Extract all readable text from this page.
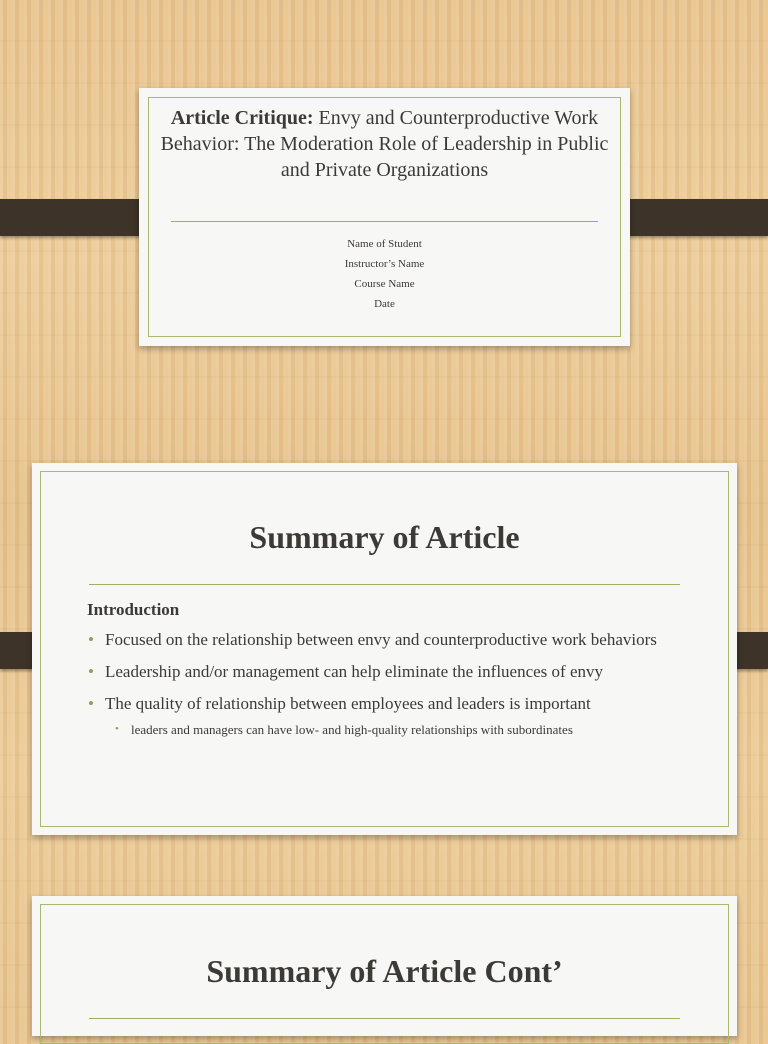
Article Critique: Envy and Counterproductive Work Behavior: The Moderation Role of Leadership in Public and Private Organizations
Name of Student
Instructor’s Name
Course Name
Date
Summary of Article
Introduction
• Focused on the relationship between envy and counterproductive work behaviors
• Leadership and/or management can help eliminate the influences of envy
• The quality of relationship between employees and leaders is important
• leaders and managers can have low- and high-quality relationships with subordinates
Summary of Article Cont’
